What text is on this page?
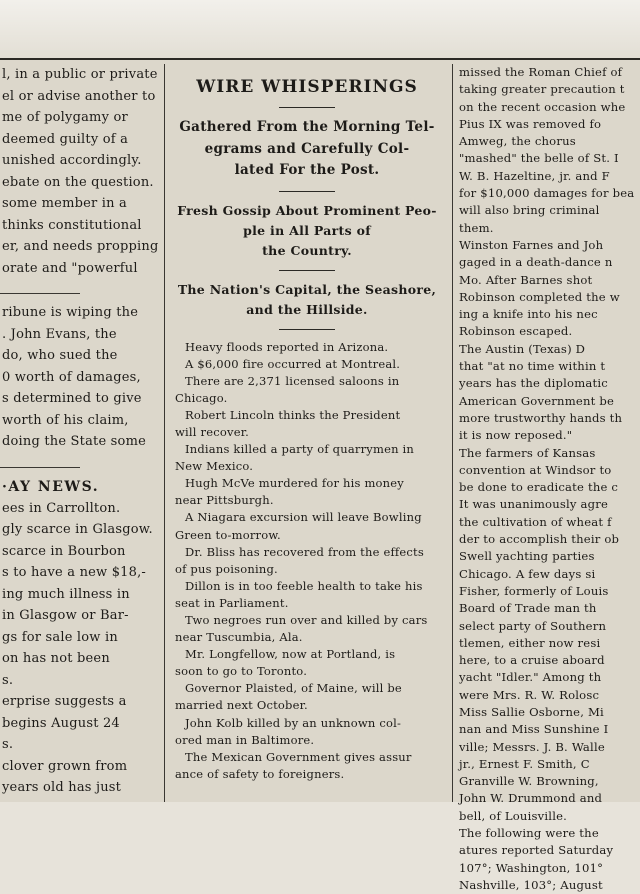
l, in a public or private
el or advise another to
me of polygamy or
deemed guilty of a
unished accordingly.
ebate on the question.
some member in a
thinks constitutional
er, and needs propping
orate and "powerful
ribune is wiping the
. John Evans, the
do, who sued the
0 worth of damages,
s determined to give
worth of his claim,
doing the State some
·AY NEWS.
ees in Carrollton.
gly scarce in Glasgow.
scarce in Bourbon
s to have a new $18,-
ing much illness in
in Glasgow or Bar-
gs for sale low in
on has not been
s.
erprise suggests a
begins August 24
s.
clover grown from
years old has just
WIRE WHISPERINGS
Gathered From the Morning Tel-
egrams and Carefully Col-
lated For the Post.
Fresh Gossip About Prominent Peo-
ple in All Parts of
the Country.
The Nation's Capital, the Seashore,
and the Hillside.
Heavy floods reported in Arizona.
A $6,000 fire occurred at Montreal.
There are 2,371 licensed saloons in
Chicago.
Robert Lincoln thinks the President
will recover.
Indians killed a party of quarrymen in
New Mexico.
Hugh McVe murdered for his money
near Pittsburgh.
A Niagara excursion will leave Bowling
Green to-morrow.
Dr. Bliss has recovered from the effects
of pus poisoning.
Dillon is in too feeble health to take his
seat in Parliament.
Two negroes run over and killed by cars
near Tuscumbia, Ala.
Mr. Longfellow, now at Portland, is
soon to go to Toronto.
Governor Plaisted, of Maine, will be
married next October.
John Kolb killed by an unknown col-
ored man in Baltimore.
The Mexican Government gives assur
ance of safety to foreigners.
missed the Roman Chief of
taking greater precaution t
on the recent occasion whe
Pius IX was removed fo
Amweg, the chorus
"mashed" the belle of St. I
W. B. Hazeltine, jr. and F
for $10,000 damages for bea
will also bring criminal
them.
Winston Farnes and Joh
gaged in a death-dance n
Mo. After Barnes shot
Robinson completed the w
ing a knife into his nec
Robinson escaped.
The Austin (Texas) D
that "at no time within t
years has the diplomatic
American Government be
more trustworthy hands th
it is now reposed."
The farmers of Kansas
convention at Windsor to
be done to eradicate the c
It was unanimously agre
the cultivation of wheat f
der to accomplish their ob
Swell yachting parties
Chicago. A few days si
Fisher, formerly of Louis
Board of Trade man th
select party of Southern
tlemen, either now resi
here, to a cruise aboard
yacht "Idler." Among th
were Mrs. R. W. Rolosc
Miss Sallie Osborne, Mi
nan and Miss Sunshine I
ville; Messrs. J. B. Walle
jr., Ernest F. Smith, C
Granville W. Browning,
John W. Drummond and
bell, of Louisville.
The following were the
atures reported Saturday
107°; Washington, 101°
Nashville, 103°; August
